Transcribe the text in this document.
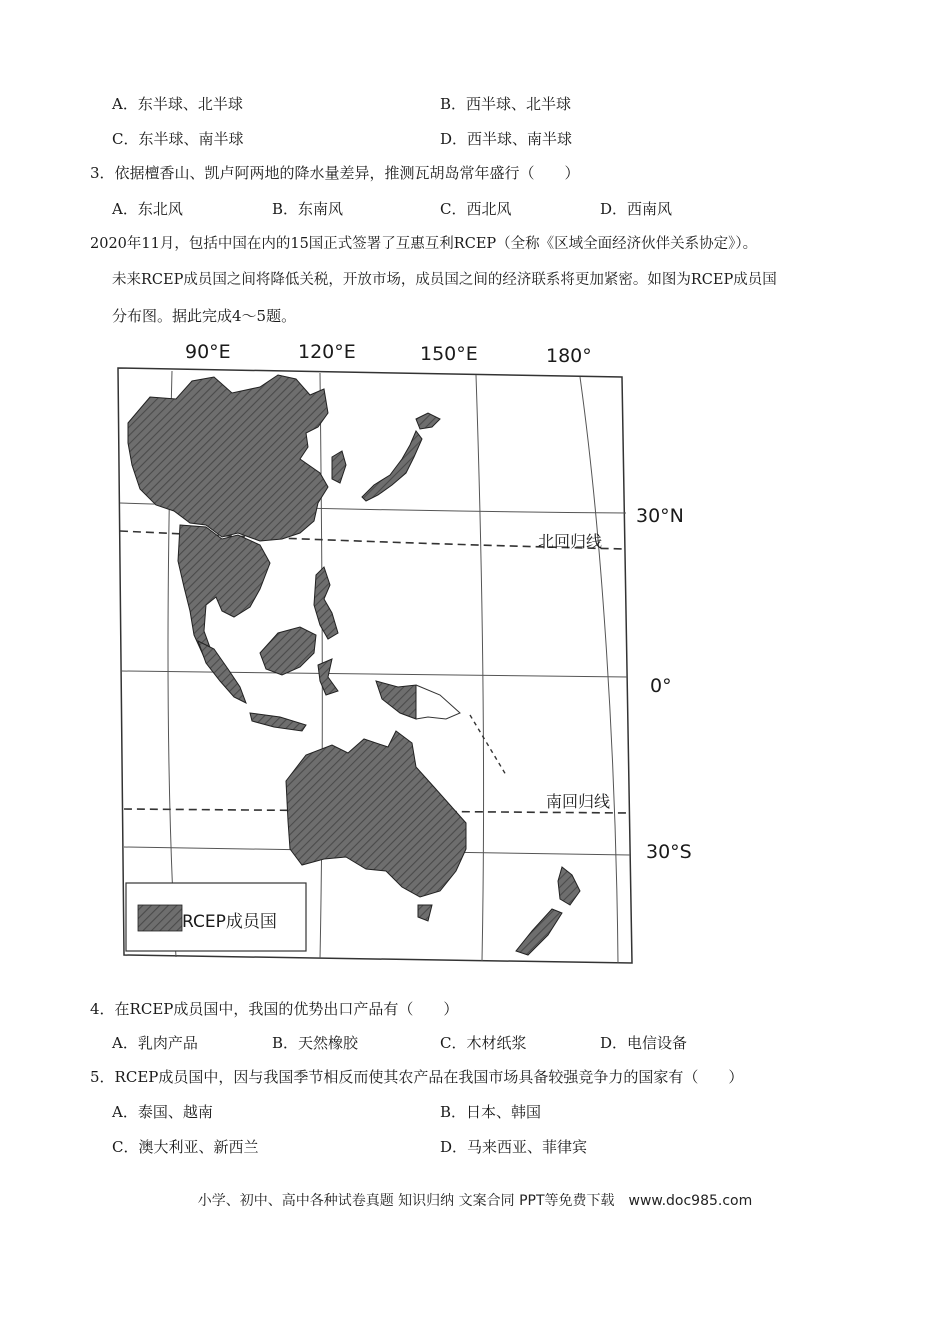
A．东半球、北半球	B．西半球、北半球
C．东半球、南半球	D．西半球、南半球
3．依据檀香山、凯卢阿两地的降水量差异，推测瓦胡岛常年盛行（　　）
A．东北风	B．东南风	C．西北风	D．西南风
2020年11月，包括中国在内的15国正式签署了互惠互利RCEP（全称《区域全面经济伙伴关系协定》）。
未来RCEP成员国之间将降低关税，开放市场，成员国之间的经济联系将更加紧密。如图为RCEP成员国
分布图。据此完成4～5题。
90°E	120°E	150°E	180°
30°N
0°
30°S
北回归线
南回归线
RCEP成员国
4．在RCEP成员国中，我国的优势出口产品有（　　）
A．乳肉产品	B．天然橡胶	C．木材纸浆	D．电信设备
5．RCEP成员国中，因与我国季节相反而使其农产品在我国市场具备较强竞争力的国家有（　　）
A．泰国、越南	B．日本、韩国
C．澳大利亚、新西兰	D．马来西亚、菲律宾
小学、初中、高中各种试卷真题 知识归纳 文案合同 PPT等免费下载 www.doc985.com
